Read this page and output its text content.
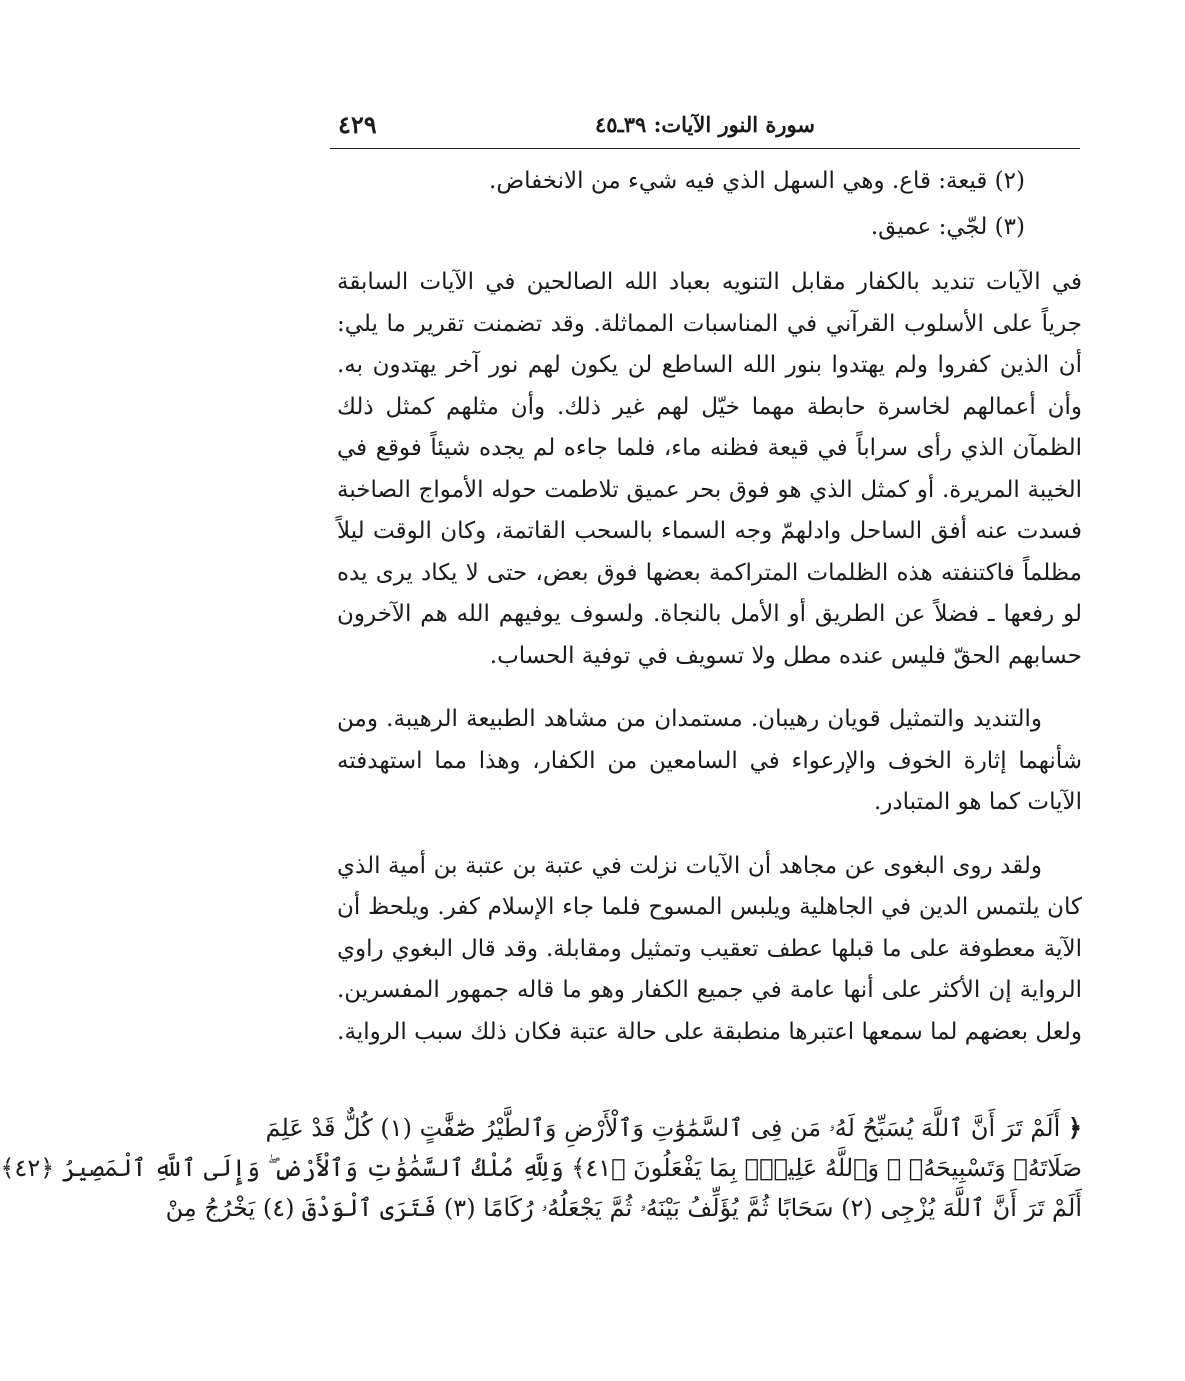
سورة النور الآيات: ٣٩ـ٤٥
٤٢٩

(٢) قيعة: قاع. وهي السهل الذي فيه شيء من الانخفاض.

(٣) لجّي: عميق.

في الآيات تنديد بالكفار مقابل التنويه بعباد الله الصالحين في الآيات السابقة جرياً على الأسلوب القرآني في المناسبات المماثلة. وقد تضمنت تقرير ما يلي: أن الذين كفروا ولم يهتدوا بنور الله الساطع لن يكون لهم نور آخر يهتدون به. وأن أعمالهم لخاسرة حابطة مهما خيّل لهم غير ذلك. وأن مثلهم كمثل ذلك الظمآن الذي رأى سراباً في قيعة فظنه ماء، فلما جاءه لم يجده شيئاً فوقع في الخيبة المريرة. أو كمثل الذي هو فوق بحر عميق تلاطمت حوله الأمواج الصاخبة فسدت عنه أفق الساحل وادلهمّ وجه السماء بالسحب القاتمة، وكان الوقت ليلاً مظلماً فاكتنفته هذه الظلمات المتراكمة بعضها فوق بعض، حتى لا يكاد يرى يده لو رفعها ـ فضلاً عن الطريق أو الأمل بالنجاة. ولسوف يوفيهم الله هم الآخرون حسابهم الحقّ فليس عنده مطل ولا تسويف في توفية الحساب.

والتنديد والتمثيل قويان رهيبان. مستمدان من مشاهد الطبيعة الرهيبة. ومن شأنهما إثارة الخوف والإرعواء في السامعين من الكفار، وهذا مما استهدفته الآيات كما هو المتبادر.

ولقد روى البغوى عن مجاهد أن الآيات نزلت في عتبة بن عتبة بن أمية الذي كان يلتمس الدين في الجاهلية ويلبس المسوح فلما جاء الإسلام كفر. ويلحظ أن الآية معطوفة على ما قبلها عطف تعقيب وتمثيل ومقابلة. وقد قال البغوي راوي الرواية إن الأكثر على أنها عامة في جميع الكفار وهو ما قاله جمهور المفسرين. ولعل بعضهم لما سمعها اعتبرها منطبقة على حالة عتبة فكان ذلك سبب الرواية.

﴿ أَلَمْ تَرَ أَنَّ ٱللَّهَ يُسَبِّحُ لَهُۥ مَن فِى ٱلسَّمَٰوَٰتِ وَٱلْأَرْضِ وَٱلطَّيْرُ صَٰٓفَّٰتٍ (١) كُلٌّ قَدْ عَلِمَ

صَلَاتَهُۥ وَتَسْبِيحَهُۥ ۗ وَٱللَّهُ عَلِيمٌۢ بِمَا يَفْعَلُونَ ﴿٤١﴾ وَلِلَّهِ مُلْكُ ٱلسَّمَٰوَٰتِ وَٱلْأَرْضِ ۖ وَإِلَى ٱللَّهِ ٱلْمَصِيرُ ﴿٤٢﴾

أَلَمْ تَرَ أَنَّ ٱللَّهَ يُزْجِى (٢) سَحَابًا ثُمَّ يُؤَلِّفُ بَيْنَهُۥ ثُمَّ يَجْعَلُهُۥ رُكَامًا (٣) فَتَرَى ٱلْوَدْقَ (٤) يَخْرُجُ مِنْ
